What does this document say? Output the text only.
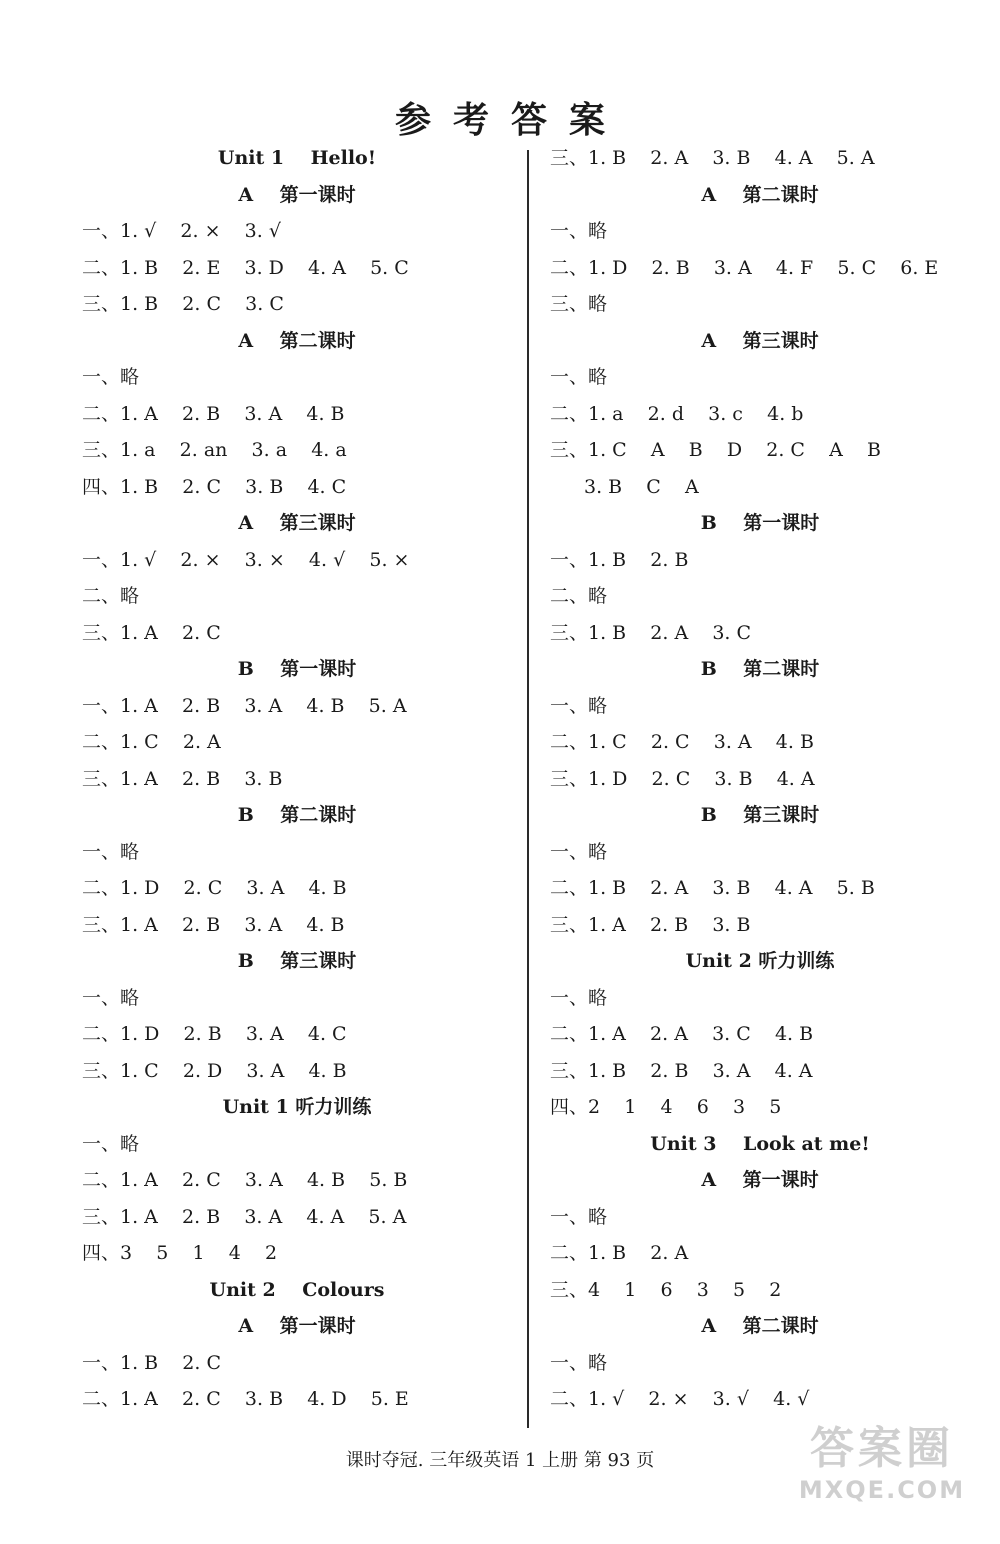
参考答案
Unit 1    Hello!
A    第一课时
一、1. √    2. ×    3. √
二、1. B    2. E    3. D    4. A    5. C
三、1. B    2. C    3. C
A    第二课时
一、略
二、1. A    2. B    3. A    4. B
三、1. a    2. an    3. a    4. a
四、1. B    2. C    3. B    4. C
A    第三课时
一、1. √    2. ×    3. ×    4. √    5. ×
二、略
三、1. A    2. C
B    第一课时
一、1. A    2. B    3. A    4. B    5. A
二、1. C    2. A
三、1. A    2. B    3. B
B    第二课时
一、略
二、1. D    2. C    3. A    4. B
三、1. A    2. B    3. A    4. B
B    第三课时
一、略
二、1. D    2. B    3. A    4. C
三、1. C    2. D    3. A    4. B
Unit 1 听力训练
一、略
二、1. A    2. C    3. A    4. B    5. B
三、1. A    2. B    3. A    4. A    5. A
四、3    5    1    4    2
Unit 2    Colours
A    第一课时
一、1. B    2. C
二、1. A    2. C    3. B    4. D    5. E
三、1. B    2. A    3. B    4. A    5. A
A    第二课时
一、略
二、1. D    2. B    3. A    4. F    5. C    6. E
三、略
A    第三课时
一、略
二、1. a    2. d    3. c    4. b
三、1. C    A    B    D    2. C    A    B
3. B    C    A
B    第一课时
一、1. B    2. B
二、略
三、1. B    2. A    3. C
B    第二课时
一、略
二、1. C    2. C    3. A    4. B
三、1. D    2. C    3. B    4. A
B    第三课时
一、略
二、1. B    2. A    3. B    4. A    5. B
三、1. A    2. B    3. B
Unit 2 听力训练
一、略
二、1. A    2. A    3. C    4. B
三、1. B    2. B    3. A    4. A
四、2    1    4    6    3    5
Unit 3    Look at me!
A    第一课时
一、略
二、1. B    2. A
三、4    1    6    3    5    2
A    第二课时
一、略
二、1. √    2. ×    3. √    4. √
课时夺冠. 三年级英语 1 上册 第 93 页	答案圈
MXQE.COM
